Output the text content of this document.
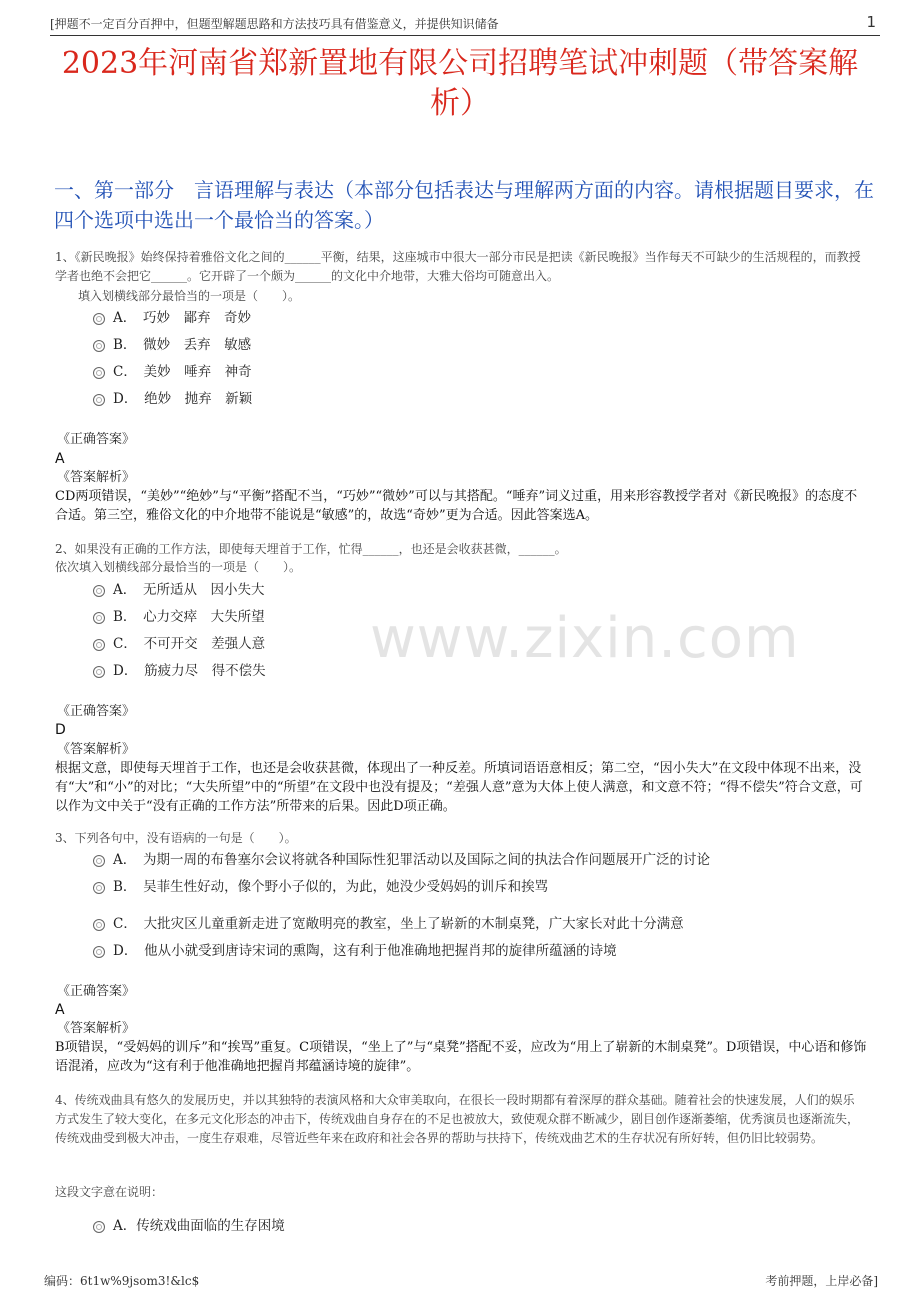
[押题不一定百分百押中，但题型解题思路和方法技巧具有借鉴意义，并提供知识储备	1
2023年河南省郑新置地有限公司招聘笔试冲刺题（带答案解析）
一、第一部分　言语理解与表达（本部分包括表达与理解两方面的内容。请根据题目要求，在四个选项中选出一个最恰当的答案。）
www.zixin.com
1、《新民晚报》始终保持着雅俗文化之间的______平衡，结果，这座城市中很大一部分市民是把读《新民晚报》当作每天不可缺少的生活规程的，而教授学者也绝不会把它______。它开辟了一个颇为______的文化中介地带，大雅大俗均可随意出入。
填入划横线部分最恰当的一项是（　　）。
A．　巧妙　鄙弃　奇妙
B．　微妙　丢弃　敏感
C．　美妙　唾弃　神奇
D．　绝妙　抛弃　新颖
《正确答案》
A
《答案解析》
CD两项错误，“美妙”“绝妙”与“平衡”搭配不当，“巧妙”“微妙”可以与其搭配。“唾弃”词义过重，用来形容教授学者对《新民晚报》的态度不合适。第三空，雅俗文化的中介地带不能说是“敏感”的，故选“奇妙”更为合适。因此答案选A。
2、如果没有正确的工作方法，即使每天埋首于工作，忙得______，也还是会收获甚微，______。
依次填入划横线部分最恰当的一项是（　　）。
A．　无所适从　因小失大
B．　心力交瘁　大失所望
C．　不可开交　差强人意
D．　筋疲力尽　得不偿失
《正确答案》
D
《答案解析》
根据文意，即使每天埋首于工作，也还是会收获甚微，体现出了一种反差。所填词语语意相反；第二空，“因小失大”在文段中体现不出来，没有“大”和“小”的对比；“大失所望”中的“所望”在文段中也没有提及；“差强人意”意为大体上使人满意，和文意不符；“得不偿失”符合文意，可以作为文中关于“没有正确的工作方法”所带来的后果。因此D项正确。
3、下列各句中，没有语病的一句是（　　）。
A．　为期一周的布鲁塞尔会议将就各种国际性犯罪活动以及国际之间的执法合作问题展开广泛的讨论
B．　吴菲生性好动，像个野小子似的，为此，她没少受妈妈的训斥和挨骂
C．　大批灾区儿童重新走进了宽敞明亮的教室，坐上了崭新的木制桌凳，广大家长对此十分满意
D．　他从小就受到唐诗宋词的熏陶，这有利于他准确地把握肖邦的旋律所蕴涵的诗境
《正确答案》
A
《答案解析》
B项错误，“受妈妈的训斥”和“挨骂”重复。C项错误，“坐上了”与“桌凳”搭配不妥，应改为“用上了崭新的木制桌凳”。D项错误，中心语和修饰语混淆，应改为“这有利于他准确地把握肖邦蕴涵诗境的旋律”。
4、传统戏曲具有悠久的发展历史，并以其独特的表演风格和大众审美取向，在很长一段时期都有着深厚的群众基础。随着社会的快速发展，人们的娱乐方式发生了较大变化，在多元文化形态的冲击下，传统戏曲自身存在的不足也被放大，致使观众群不断减少，剧目创作逐渐萎缩，优秀演员也逐渐流失，传统戏曲受到极大冲击，一度生存艰难，尽管近些年来在政府和社会各界的帮助与扶持下，传统戏曲艺术的生存状况有所好转，但仍旧比较弱势。
这段文字意在说明：
A．传统戏曲面临的生存困境
编码：6t1w%9jsom3!&lc$	考前押题，上岸必备]
